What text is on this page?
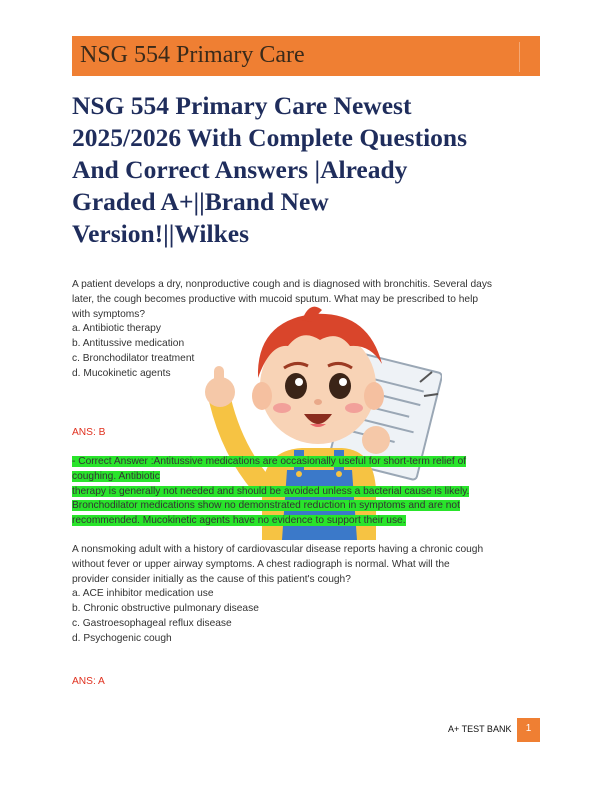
NSG 554 Primary Care
NSG 554 Primary Care Newest
2025/2026 With Complete Questions
And Correct Answers |Already
Graded A+||Brand New
Version!||Wilkes
A patient develops a dry, nonproductive cough and is diagnosed with bronchitis. Several days
later, the cough becomes productive with mucoid sputum. What may be prescribed to help
with symptoms?
a. Antibiotic therapy
b. Antitussive medication
c. Bronchodilator treatment
d. Mucokinetic agents
ANS: B
- Correct Answer :Antitussive medications are occasionally useful for short-term relief of
coughing. Antibiotic
therapy is generally not needed and should be avoided unless a bacterial cause is likely.
Bronchodilator medications show no demonstrated reduction in symptoms and are not
recommended. Mucokinetic agents have no evidence to support their use.
A nonsmoking adult with a history of cardiovascular disease reports having a chronic cough
without fever or upper airway symptoms. A chest radiograph is normal. What will the
provider consider initially as the cause of this patient's cough?
a. ACE inhibitor medication use
b. Chronic obstructive pulmonary disease
c. Gastroesophageal reflux disease
d. Psychogenic cough
ANS: A
A+ TEST BANK	1
